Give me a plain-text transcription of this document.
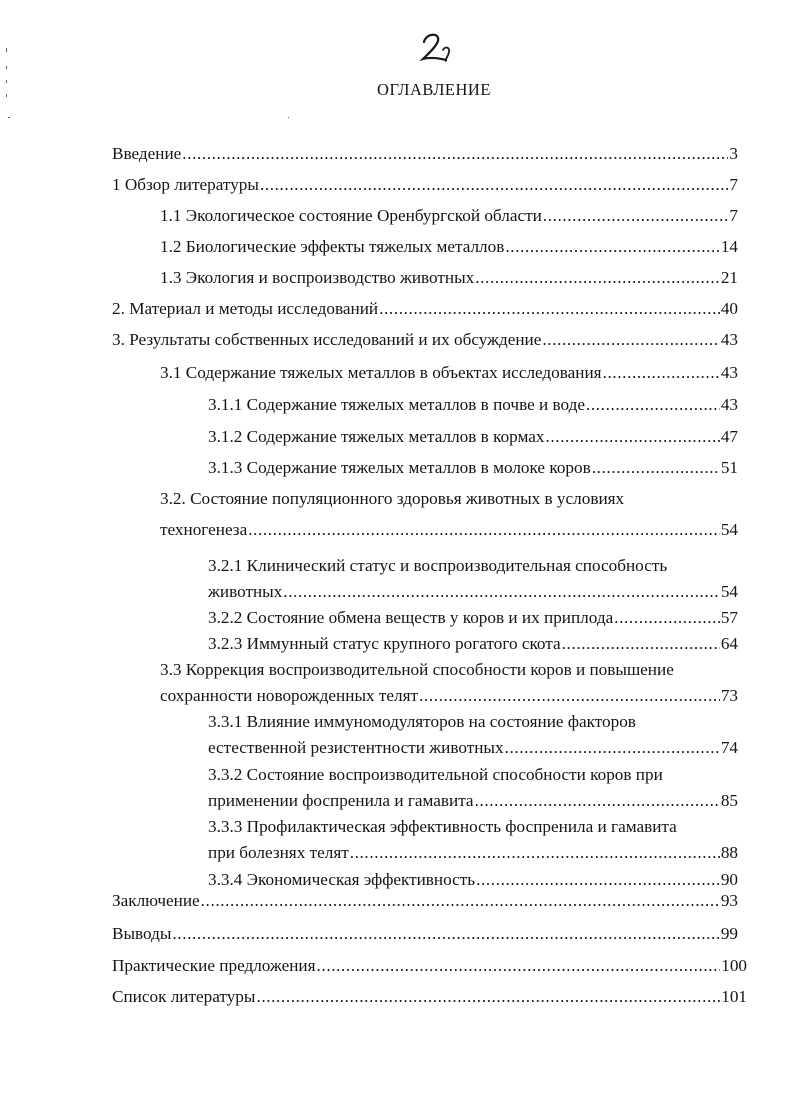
ОГЛАВЛЕНИЕ
Введение .....	3
1 Обзор литературы .....	7
1.1 Экологическое состояние Оренбургской области .....	7
1.2 Биологические эффекты тяжелых металлов .....	14
1.3 Экология и воспроизводство животных .....	21
2. Материал и методы исследований .....	40
3. Результаты собственных исследований и их обсуждение .....	43
3.1 Содержание тяжелых металлов в объектах исследования .....	43
3.1.1 Содержание тяжелых металлов в почве и воде .....	43
3.1.2 Содержание тяжелых металлов в кормах .....	47
3.1.3 Содержание тяжелых металлов в молоке коров .....	51
3.2. Состояние популяционного здоровья животных в условиях
техногенеза .....	54
3.2.1 Клинический статус и воспроизводительная способность
животных .....	54
3.2.2 Состояние обмена веществ у коров и их приплода .....	57
3.2.3 Иммунный статус крупного рогатого скота .....	64
3.3 Коррекция воспроизводительной способности коров и повышение
сохранности новорожденных телят .....	73
3.3.1 Влияние иммуномодуляторов на состояние факторов
естественной резистентности животных .....	74
3.3.2 Состояние воспроизводительной способности коров при
применении фоспренила и гамавита .....	85
3.3.3 Профилактическая эффективность фоспренила и гамавита
при болезнях телят .....	88
3.3.4 Экономическая эффективность .....	90
Заключение .....	93
Выводы .....	99
Практические предложения .....	100
Список литературы .....	101
